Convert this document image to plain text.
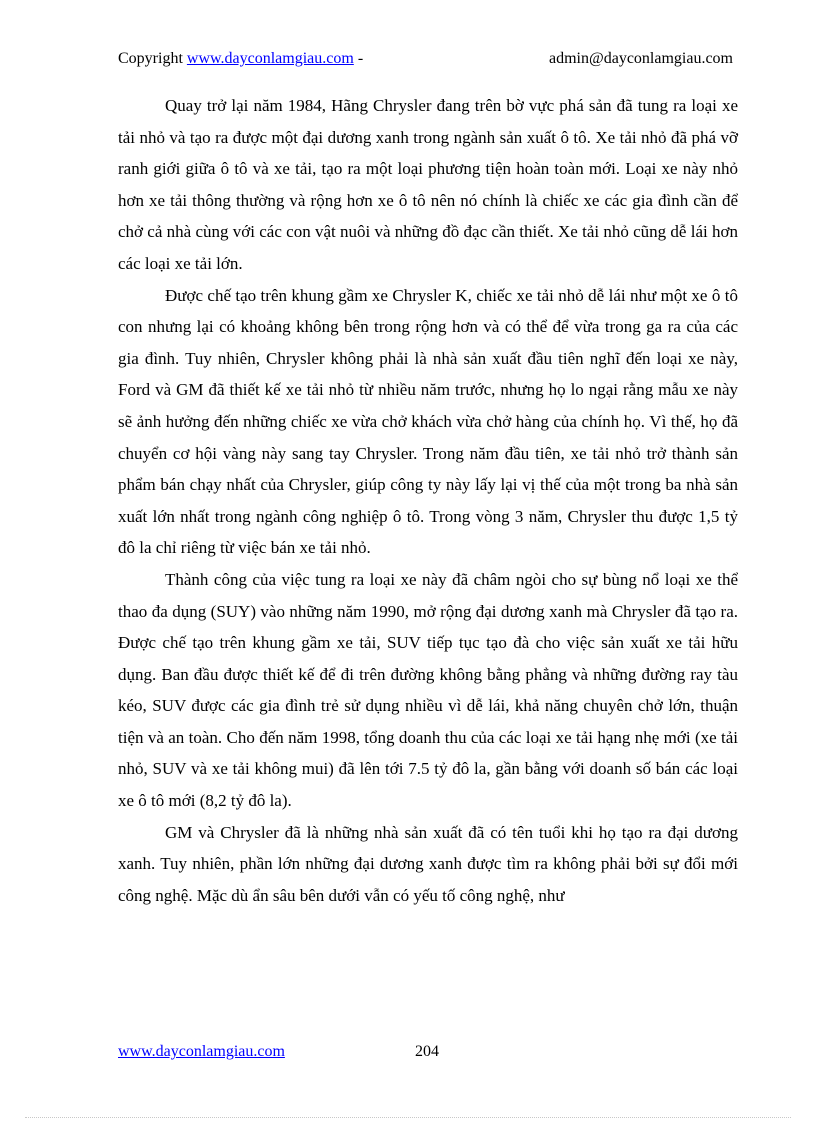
Copyright www.dayconlamgiau.com -	admin@dayconlamgiau.com

Quay trở lại năm 1984, Hãng Chrysler đang trên bờ vực phá sản đã tung ra loại xe tải nhỏ và tạo ra được một đại dương xanh trong ngành sản xuất ô tô. Xe tải nhỏ đã phá vỡ ranh giới giữa ô tô và xe tải, tạo ra một loại phương tiện hoàn toàn mới. Loại xe này nhỏ hơn xe tải thông thường và rộng hơn xe ô tô nên nó chính là chiếc xe các gia đình cần để chở cả nhà cùng với các con vật nuôi và những đồ đạc cần thiết. Xe tải nhỏ cũng dễ lái hơn các loại xe tải lớn.

Được chế tạo trên khung gầm xe Chrysler K, chiếc xe tải nhỏ dễ lái như một xe ô tô con nhưng lại có khoảng không bên trong rộng hơn và có thể để vừa trong ga ra của các gia đình. Tuy nhiên, Chrysler không phải là nhà sản xuất đầu tiên nghĩ đến loại xe này, Ford và GM đã thiết kế xe tải nhỏ từ nhiều năm trước, nhưng họ lo ngại rằng mẫu xe này sẽ ảnh hưởng đến những chiếc xe vừa chở khách vừa chở hàng của chính họ. Vì thế, họ đã chuyển cơ hội vàng này sang tay Chrysler. Trong năm đầu tiên, xe tải nhỏ trở thành sản phẩm bán chạy nhất của Chrysler, giúp công ty này lấy lại vị thế của một trong ba nhà sản xuất lớn nhất trong ngành công nghiệp ô tô. Trong vòng 3 năm, Chrysler thu được 1,5 tỷ đô la chỉ riêng từ việc bán xe tải nhỏ.

Thành công của việc tung ra loại xe này đã châm ngòi cho sự bùng nổ loại xe thể thao đa dụng (SUY) vào những năm 1990, mở rộng đại dương xanh mà Chrysler đã tạo ra. Được chế tạo trên khung gầm xe tải, SUV tiếp tục tạo đà cho việc sản xuất xe tải hữu dụng. Ban đầu được thiết kế để đi trên đường không bằng phẳng và những đường ray tàu kéo, SUV được các gia đình trẻ sử dụng nhiều vì dễ lái, khả năng chuyên chở lớn, thuận tiện và an toàn. Cho đến năm 1998, tổng doanh thu của các loại xe tải hạng nhẹ mới (xe tải nhỏ, SUV và xe tải không mui) đã lên tới 7.5 tỷ đô la, gần bằng với doanh số bán các loại xe ô tô mới (8,2 tỷ đô la).

GM và Chrysler đã là những nhà sản xuất đã có tên tuổi khi họ tạo ra đại dương xanh. Tuy nhiên, phần lớn những đại dương xanh được tìm ra không phải bởi sự đổi mới công nghệ. Mặc dù ẩn sâu bên dưới vẫn có yếu tố công nghệ, như

www.dayconlamgiau.com	204
